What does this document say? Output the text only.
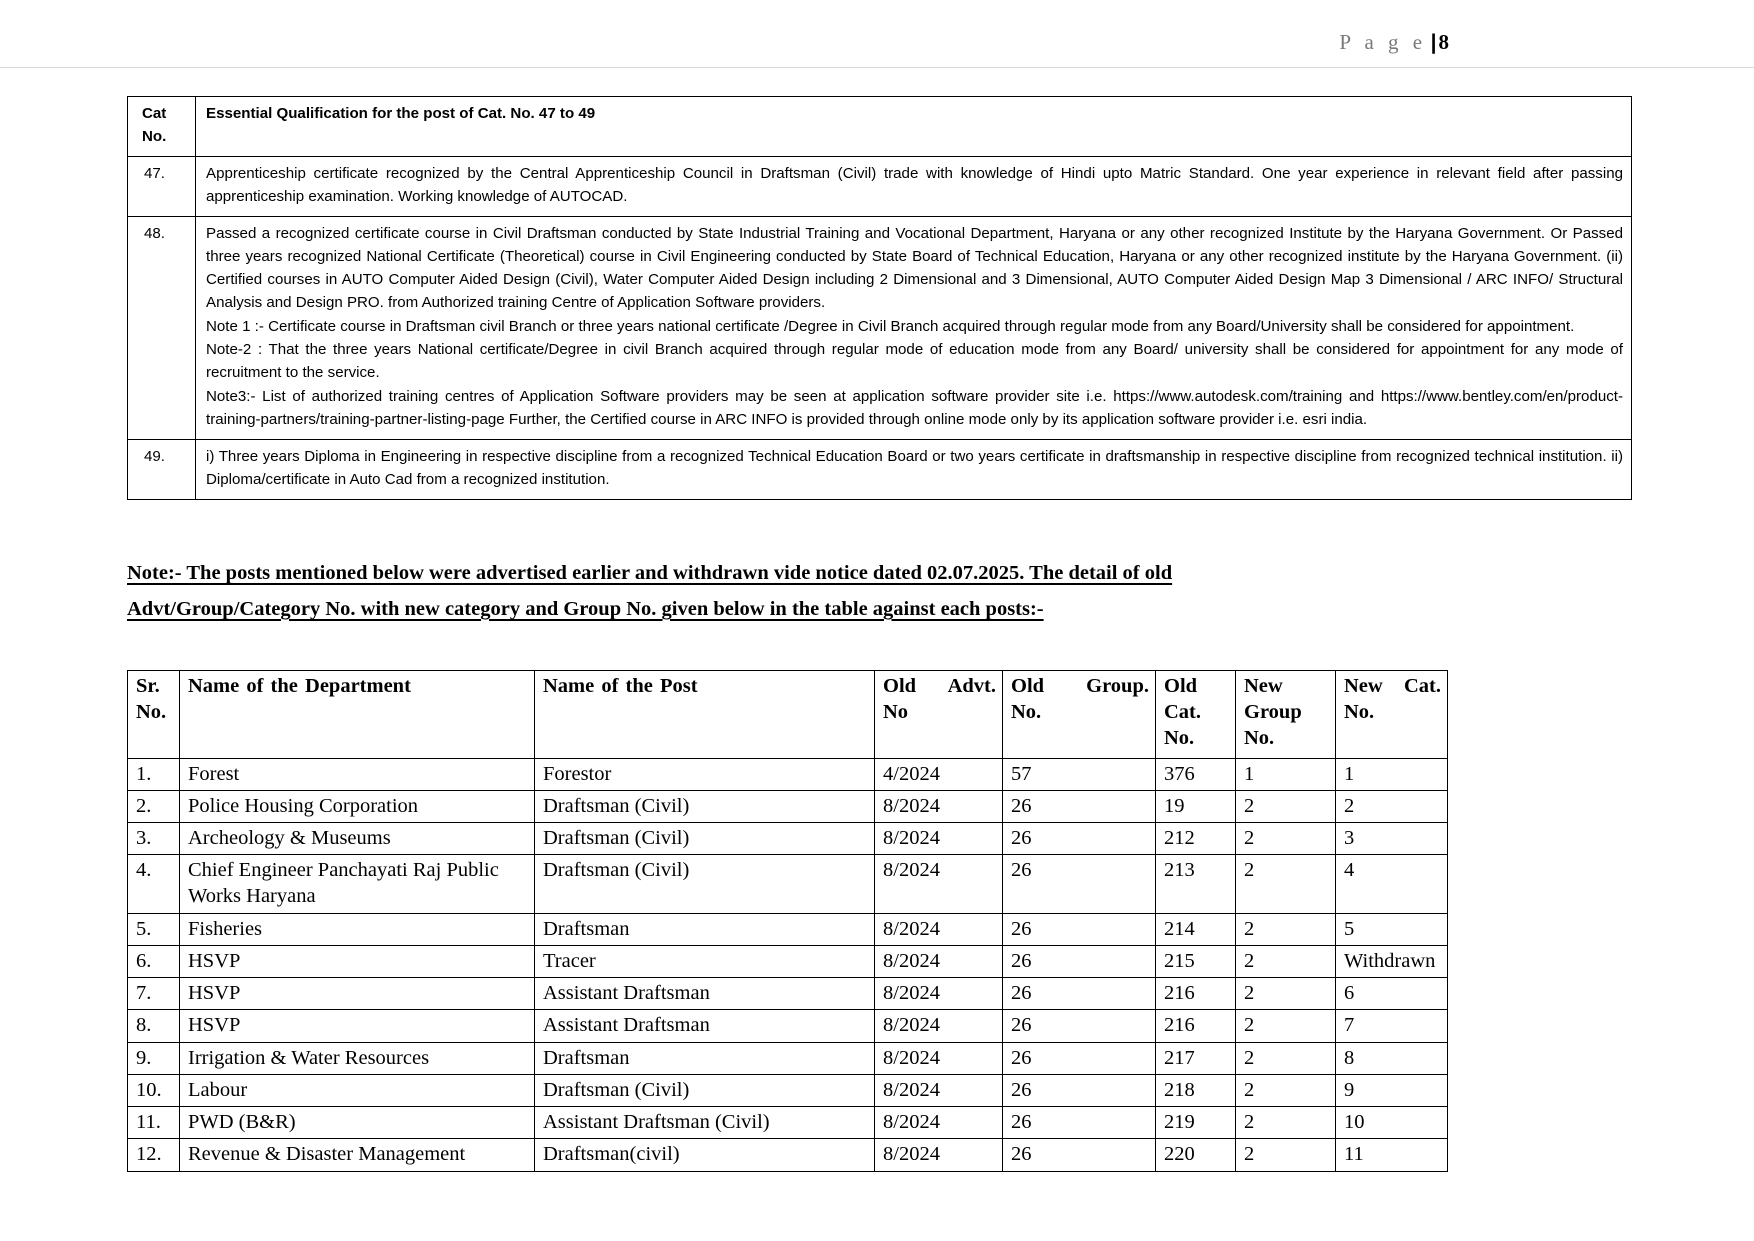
P a g e |8
Cat
No.	Essential Qualification for the post of Cat. No. 47 to 49
47.	Apprenticeship certificate recognized by the Central Apprenticeship Council in Draftsman (Civil) trade with knowledge of Hindi upto Matric Standard. One year experience in relevant field after passing apprenticeship examination. Working knowledge of AUTOCAD.

48.	Passed a recognized certificate course in Civil Draftsman conducted by State Industrial Training and Vocational Department, Haryana or any other recognized Institute by the Haryana Government. Or Passed three years recognized National Certificate (Theoretical) course in Civil Engineering conducted by State Board of Technical Education, Haryana or any other recognized institute by the Haryana Government. (ii) Certified courses in AUTO Computer Aided Design (Civil), Water Computer Aided Design including 2 Dimensional and 3 Dimensional, AUTO Computer Aided Design Map 3 Dimensional / ARC INFO/ Structural Analysis and Design PRO. from Authorized training Centre of Application Software providers.

Note 1 :- Certificate course in Draftsman civil Branch or three years national certificate /Degree in Civil Branch acquired through regular mode from any Board/University shall be considered for appointment.

Note-2 : That the three years National certificate/Degree in civil Branch acquired through regular mode of education mode from any Board/ university shall be considered for appointment for any mode of recruitment to the service.

Note3:- List of authorized training centres of Application Software providers may be seen at application software provider site i.e. https://www.autodesk.com/training and https://www.bentley.com/en/product-training-partners/training-partner-listing-page Further, the Certified course in ARC INFO is provided through online mode only by its application software provider i.e. esri india.

49.	i) Three years Diploma in Engineering in respective discipline from a recognized Technical Education Board or two years certificate in draftsmanship in respective discipline from recognized technical institution. ii) Diploma/certificate in Auto Cad from a recognized institution.

Note:- The posts mentioned below were advertised earlier and withdrawn vide notice dated 02.07.2025. The detail of old
Advt/Group/Category No. with new category and Group No. given below in the table against each posts:-
Sr. No.	Name of the Department	Name of the Post	Old Advt. No	Old Group. No.	Old Cat. No.	New Group No.	New Cat. No.
1.	Forest	Forestor	4/2024	57	376	1	1
2.	Police Housing Corporation	Draftsman (Civil)	8/2024	26	19	2	2
3.	Archeology & Museums	Draftsman (Civil)	8/2024	26	212	2	3
4.	Chief Engineer Panchayati Raj Public Works Haryana	Draftsman (Civil)	8/2024	26	213	2	4
5.	Fisheries	Draftsman	8/2024	26	214	2	5
6.	HSVP	Tracer	8/2024	26	215	2	Withdrawn
7.	HSVP	Assistant Draftsman	8/2024	26	216	2	6
8.	HSVP	Assistant Draftsman	8/2024	26	216	2	7
9.	Irrigation & Water Resources	Draftsman	8/2024	26	217	2	8
10.	Labour	Draftsman (Civil)	8/2024	26	218	2	9
11.	PWD (B&R)	Assistant Draftsman (Civil)	8/2024	26	219	2	10
12.	Revenue & Disaster Management	Draftsman(civil)	8/2024	26	220	2	11
